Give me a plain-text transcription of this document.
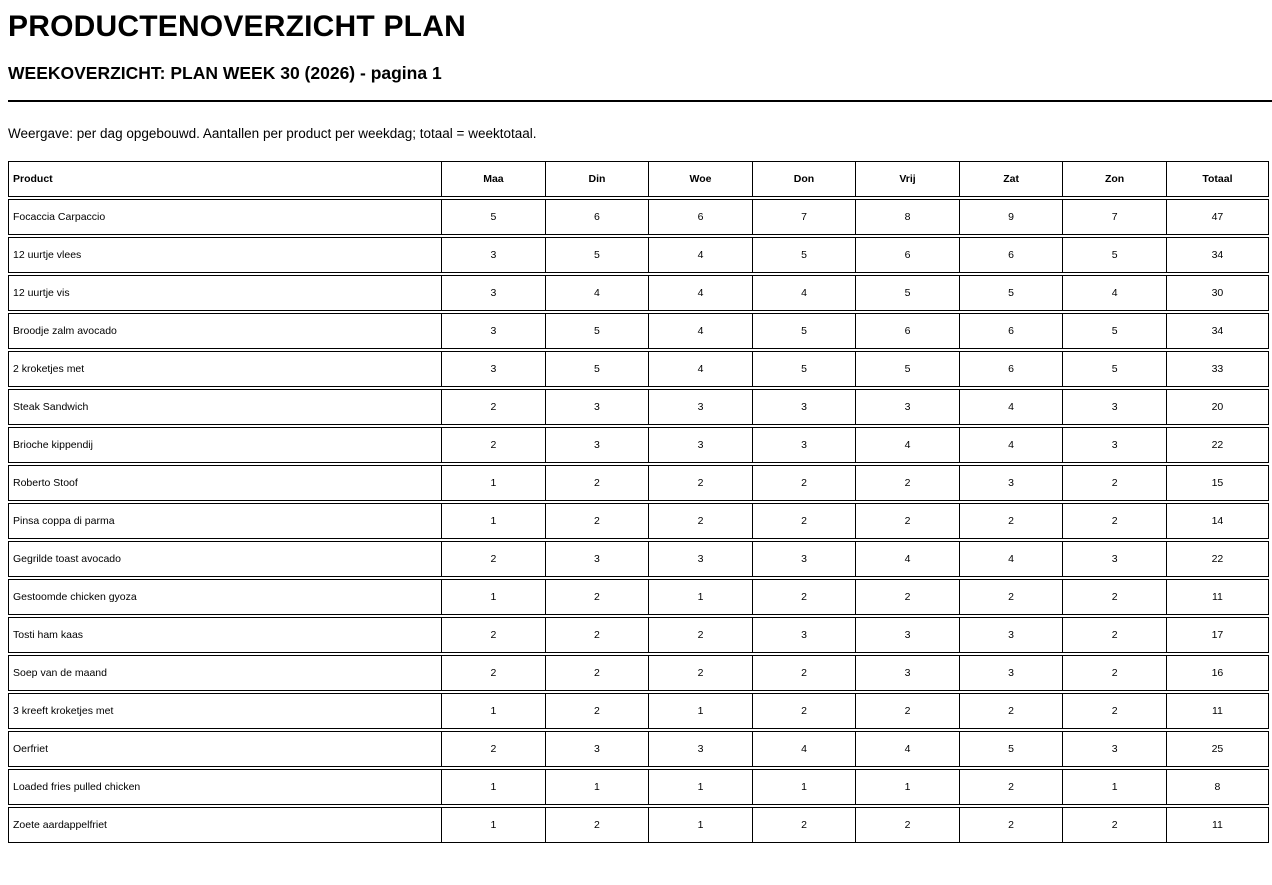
PRODUCTENOVERZICHT PLAN
WEEKOVERZICHT: PLAN WEEK 30 (2026) - pagina 1
Weergave: per dag opgebouwd. Aantallen per product per weekdag; totaal = weektotaal.
Product	Maa	Din	Woe	Don	Vrij	Zat	Zon	Totaal
Focaccia Carpaccio	5	6	6	7	8	9	7	47
12 uurtje vlees	3	5	4	5	6	6	5	34
12 uurtje vis	3	4	4	4	5	5	4	30
Broodje zalm avocado	3	5	4	5	6	6	5	34
2 kroketjes met	3	5	4	5	5	6	5	33
Steak Sandwich	2	3	3	3	3	4	3	20
Brioche kippendij	2	3	3	3	4	4	3	22
Roberto Stoof	1	2	2	2	2	3	2	15
Pinsa coppa di parma	1	2	2	2	2	2	2	14
Gegrilde toast avocado	2	3	3	3	4	4	3	22
Gestoomde chicken gyoza	1	2	1	2	2	2	2	11
Tosti ham kaas	2	2	2	3	3	3	2	17
Soep van de maand	2	2	2	2	3	3	2	16
3 kreeft kroketjes met	1	2	1	2	2	2	2	11
Oerfriet	2	3	3	4	4	5	3	25
Loaded fries pulled chicken	1	1	1	1	1	2	1	8
Zoete aardappelfriet	1	2	1	2	2	2	2	11
